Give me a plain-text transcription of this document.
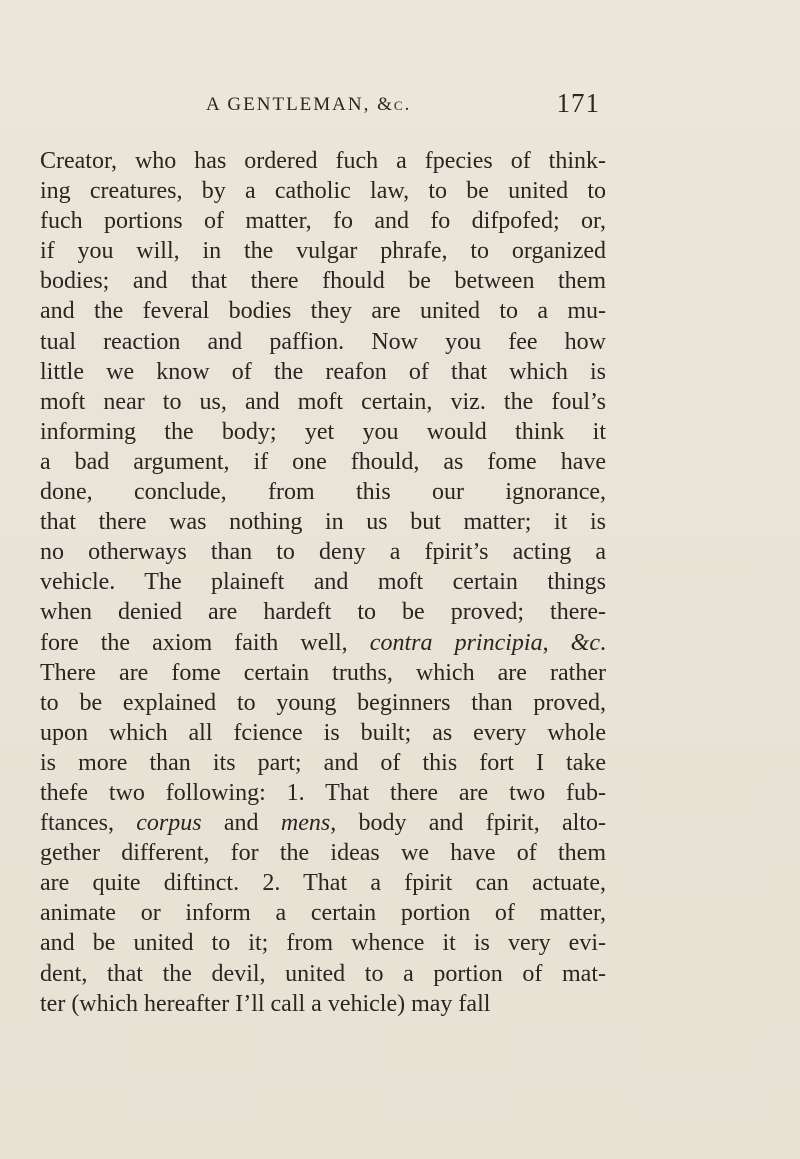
A GENTLEMAN, &c.	171
Creator, who has ordered fuch a fpecies of think-
ing creatures, by a catholic law, to be united to
fuch portions of matter, fo and fo difpofed; or,
if you will, in the vulgar phrafe, to organized
bodies; and that there fhould be between them
and the feveral bodies they are united to a mu-
tual reaction and paffion. Now you fee how
little we know of the reafon of that which is
moft near to us, and moft certain, viz. the foul’s
informing the body; yet you would think it
a bad argument, if one fhould, as fome have
done, conclude, from this our ignorance,
that there was nothing in us but matter; it is
no otherways than to deny a fpirit’s acting a
vehicle. The plaineft and moft certain things
when denied are hardeft to be proved; there-
fore the axiom faith well, contra principia, &c.
There are fome certain truths, which are rather
to be explained to young beginners than proved,
upon which all fcience is built; as every whole
is more than its part; and of this fort I take
thefe two following: 1. That there are two fub-
ftances, corpus and mens, body and fpirit, alto-
gether different, for the ideas we have of them
are quite diftinct. 2. That a fpirit can actuate,
animate or inform a certain portion of matter,
and be united to it; from whence it is very evi-
dent, that the devil, united to a portion of mat-
ter (which hereafter I’ll call a vehicle) may fall
